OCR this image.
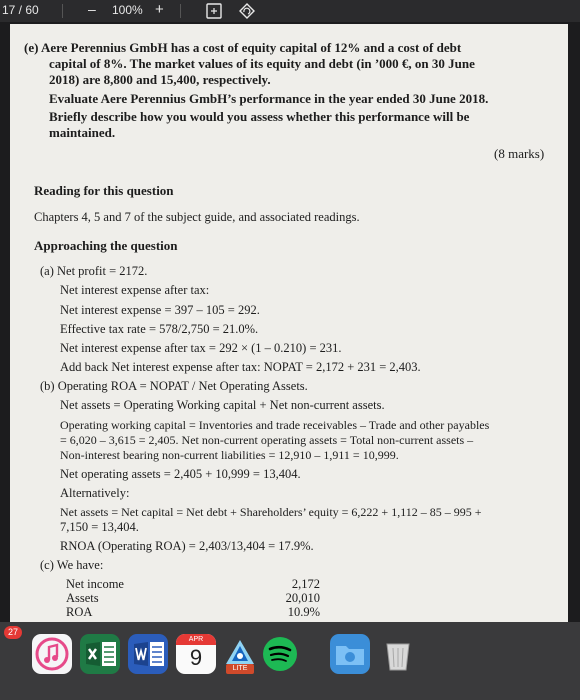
17 / 60	– 100% +
(e) Aere Perennius GmbH has a cost of equity capital of 12% and a cost of debt
capital of 8%. The market values of its equity and debt (in ’000 €, on 30 June
2018) are 8,800 and 15,400, respectively.
Evaluate Aere Perennius GmbH’s performance in the year ended 30 June 2018.
Briefly describe how you would you assess whether this performance will be
maintained.
(8 marks)
Reading for this question
Chapters 4, 5 and 7 of the subject guide, and associated readings.
Approaching the question
(a) Net profit = 2172.
Net interest expense after tax:
Net interest expense = 397 – 105 = 292.
Effective tax rate = 578/2,750 = 21.0%.
Net interest expense after tax = 292 × (1 – 0.210) = 231.
Add back Net interest expense after tax: NOPAT = 2,172 + 231 = 2,403.
(b) Operating ROA = NOPAT / Net Operating Assets.
Net assets = Operating Working capital + Net non-current assets.
Operating working capital = Inventories and trade receivables – Trade and other payables
= 6,020 – 3,615 = 2,405. Net non-current operating assets = Total non-current assets –
Non-interest bearing non-current liabilities = 12,910 – 1,911 = 10,999.
Net operating assets = 2,405 + 10,999 = 13,404.
Alternatively:
Net assets = Net capital = Net debt + Shareholders’ equity = 6,222 + 1,112 – 85 – 995 +
7,150 = 13,404.
RNOA (Operating ROA) = 2,403/13,404 = 17.9%.
(c) We have:
Net income	2,172
Assets	20,010
ROA	10.9%
27
APR
9	LITE
